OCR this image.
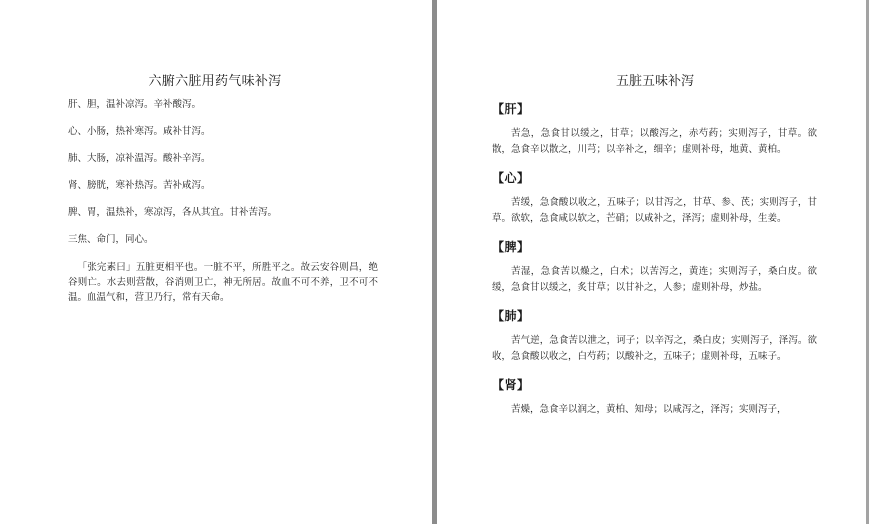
六腑六脏用药气味补泻

肝、胆，温补凉泻。辛补酸泻。

心、小肠，热补寒泻。咸补甘泻。

肺、大肠，凉补温泻。酸补辛泻。

肾、膀胱，寒补热泻。苦补咸泻。

脾、胃，温热补，寒凉泻，各从其宜。甘补苦泻。

三焦、命门，同心。

「张完素曰」五脏更相平也。一脏不平，所胜平之。故云安谷则昌，绝谷则亡。水去则营散，谷消则卫亡，神无所居。故血不可不养，卫不可不温。血温气和，营卫乃行，常有天命。

五脏五味补泻
【肝】

苦急，急食甘以缓之，甘草；以酸泻之，赤芍药；实则泻子，甘草。欲散，急食辛以散之，川芎；以辛补之，细辛；虚则补母，地黄、黄柏。

【心】

苦缓，急食酸以收之，五味子；以甘泻之，甘草、参、芪；实则泻子，甘草。欲软，急食咸以软之，芒硝；以咸补之，泽泻；虚则补母，生姜。

【脾】

苦湿，急食苦以燥之，白术；以苦泻之，黄连；实则泻子，桑白皮。欲缓，急食甘以缓之，炙甘草；以甘补之，人参；虚则补母，炒盐。

【肺】

苦气逆，急食苦以泄之，诃子；以辛泻之，桑白皮；实则泻子，泽泻。欲收，急食酸以收之，白芍药；以酸补之，五味子；虚则补母，五味子。

【肾】

苦燥，急食辛以润之，黄柏、知母；以咸泻之，泽泻；实则泻子，
